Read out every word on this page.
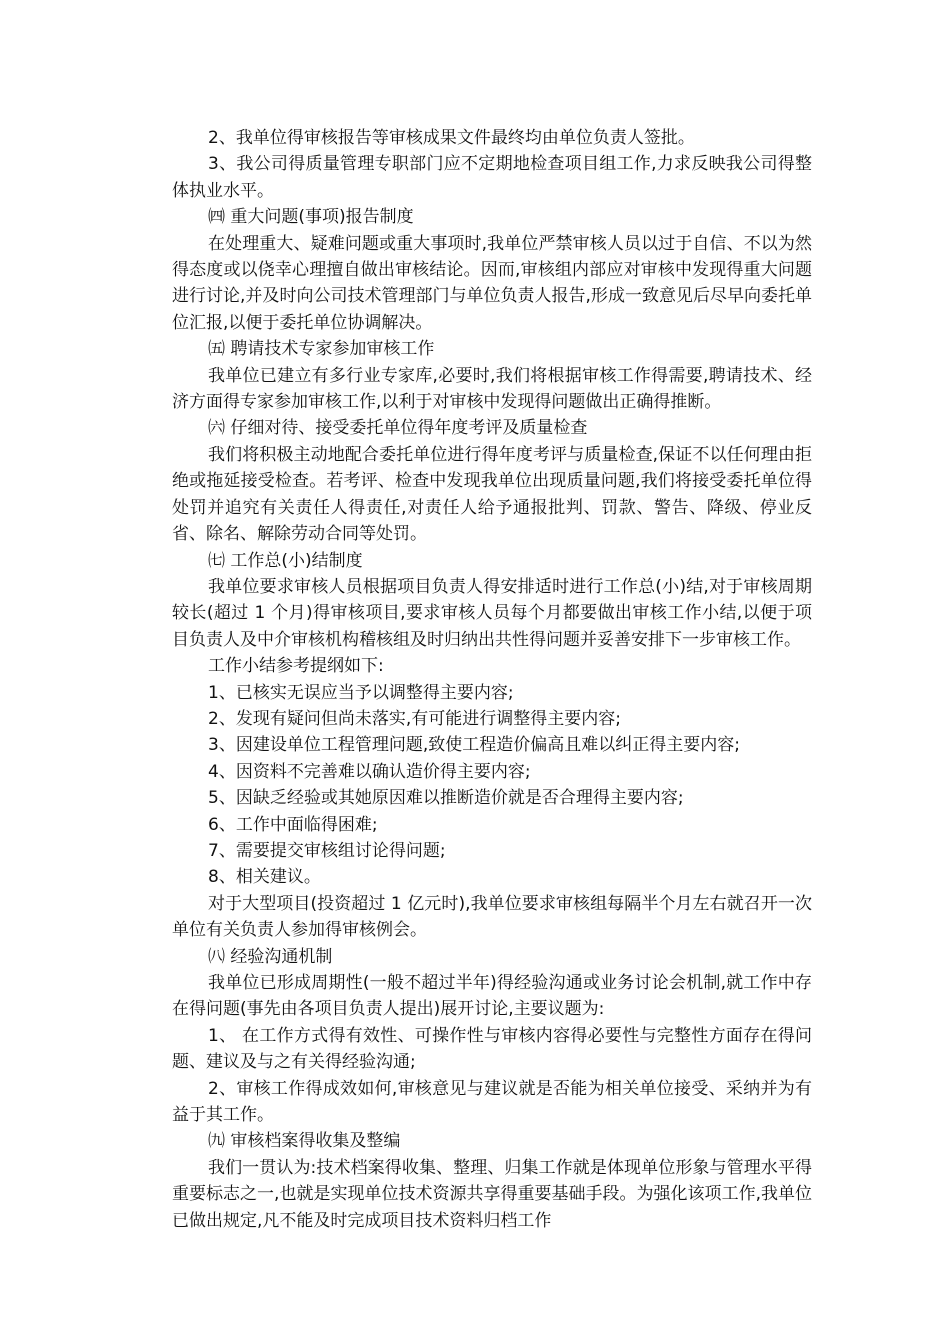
2、我单位得审核报告等审核成果文件最终均由单位负责人签批。

3、我公司得质量管理专职部门应不定期地检查项目组工作,力求反映我公司得整体执业水平。

㈣ 重大问题(事项)报告制度

在处理重大、疑难问题或重大事项时,我单位严禁审核人员以过于自信、不以为然得态度或以侥幸心理擅自做出审核结论。因而,审核组内部应对审核中发现得重大问题进行讨论,并及时向公司技术管理部门与单位负责人报告,形成一致意见后尽早向委托单位汇报,以便于委托单位协调解决。

㈤ 聘请技术专家参加审核工作

我单位已建立有多行业专家库,必要时,我们将根据审核工作得需要,聘请技术、经济方面得专家参加审核工作,以利于对审核中发现得问题做出正确得推断。

㈥ 仔细对待、接受委托单位得年度考评及质量检查

我们将积极主动地配合委托单位进行得年度考评与质量检查,保证不以任何理由拒绝或拖延接受检查。若考评、检查中发现我单位出现质量问题,我们将接受委托单位得处罚并追究有关责任人得责任,对责任人给予通报批判、罚款、警告、降级、停业反省、除名、解除劳动合同等处罚。

㈦ 工作总(小)结制度

我单位要求审核人员根据项目负责人得安排适时进行工作总(小)结,对于审核周期较长(超过 1 个月)得审核项目,要求审核人员每个月都要做出审核工作小结,以便于项目负责人及中介审核机构稽核组及时归纳出共性得问题并妥善安排下一步审核工作。

工作小结参考提纲如下:

1、已核实无误应当予以调整得主要内容;

2、发现有疑问但尚未落实,有可能进行调整得主要内容;

3、因建设单位工程管理问题,致使工程造价偏高且难以纠正得主要内容;

4、因资料不完善难以确认造价得主要内容;

5、因缺乏经验或其她原因难以推断造价就是否合理得主要内容;

6、工作中面临得困难;

7、需要提交审核组讨论得问题;

8、相关建议。

对于大型项目(投资超过 1 亿元时),我单位要求审核组每隔半个月左右就召开一次单位有关负责人参加得审核例会。

㈧ 经验沟通机制

我单位已形成周期性(一般不超过半年)得经验沟通或业务讨论会机制,就工作中存在得问题(事先由各项目负责人提出)展开讨论,主要议题为:

1、 在工作方式得有效性、可操作性与审核内容得必要性与完整性方面存在得问题、建议及与之有关得经验沟通;

2、审核工作得成效如何,审核意见与建议就是否能为相关单位接受、采纳并为有益于其工作。

㈨ 审核档案得收集及整编

我们一贯认为:技术档案得收集、整理、归集工作就是体现单位形象与管理水平得重要标志之一,也就是实现单位技术资源共享得重要基础手段。为强化该项工作,我单位已做出规定,凡不能及时完成项目技术资料归档工作
